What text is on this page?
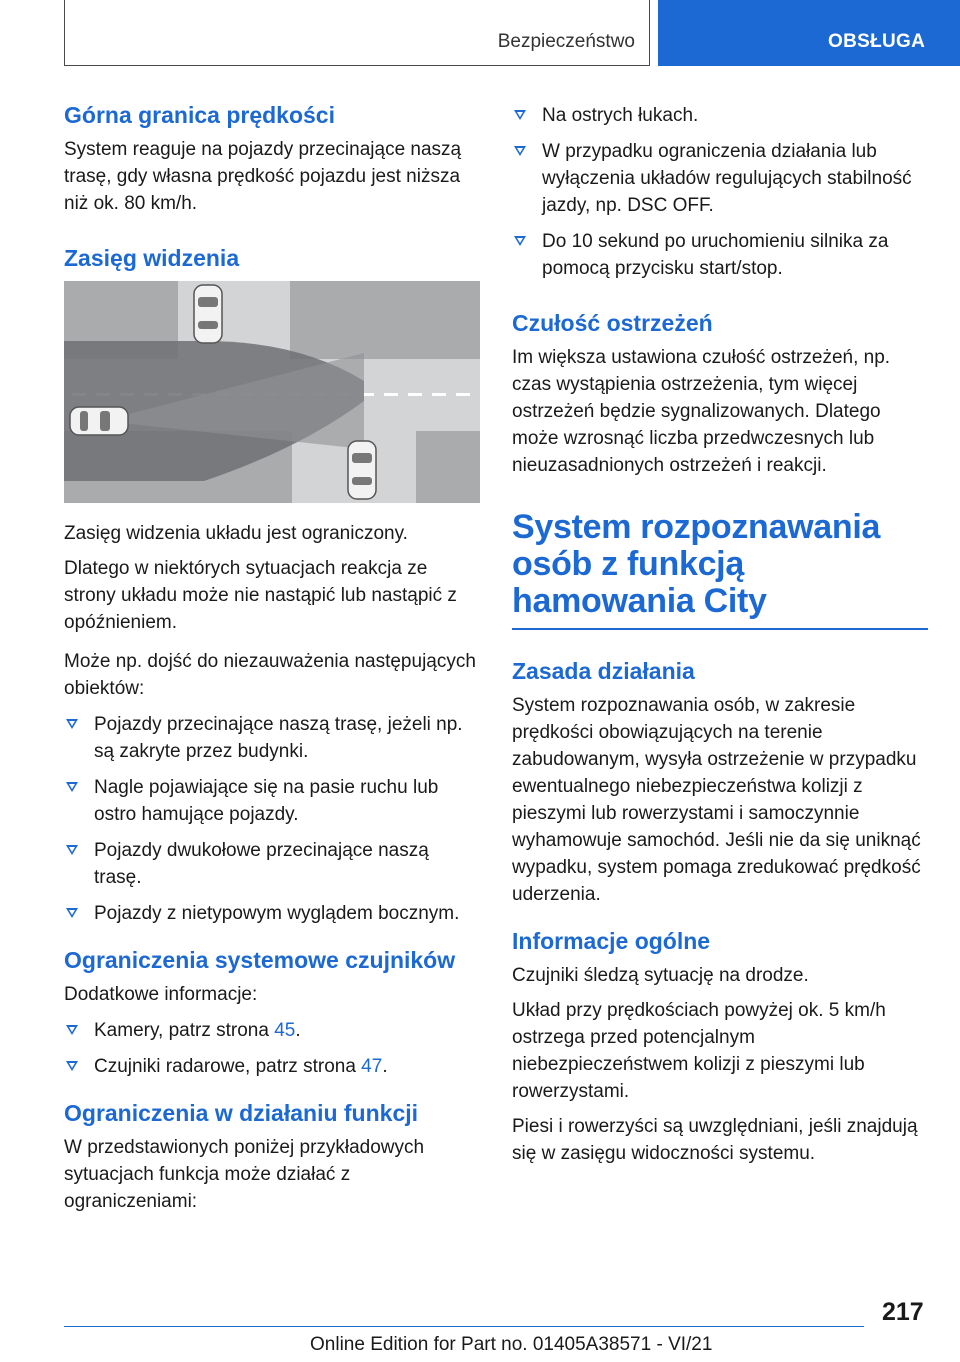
Bezpieczeństwo	OBSŁUGA
Górna granica prędkości
System reaguje na pojazdy przecinające naszą trasę, gdy własna prędkość pojazdu jest niższa niż ok. 80 km/h.
Zasięg widzenia
Zasięg widzenia układu jest ograniczony.
Dlatego w niektórych sytuacjach reakcja ze strony układu może nie nastąpić lub nastąpić z opóźnieniem.
Może np. dojść do niezauważenia następujących obiektów:
Pojazdy przecinające naszą trasę, jeżeli np. są zakryte przez budynki.
Nagle pojawiające się na pasie ruchu lub ostro hamujące pojazdy.
Pojazdy dwukołowe przecinające naszą trasę.
Pojazdy z nietypowym wyglądem bocznym.
Ograniczenia systemowe czujników
Dodatkowe informacje:
Kamery, patrz strona 45.
Czujniki radarowe, patrz strona 47.
Ograniczenia w działaniu funkcji
W przedstawionych poniżej przykładowych sytuacjach funkcja może działać z ograniczeniami:
Na ostrych łukach.
W przypadku ograniczenia działania lub wyłączenia układów regulujących stabilność jazdy, np. DSC OFF.
Do 10 sekund po uruchomieniu silnika za pomocą przycisku start/stop.
Czułość ostrzeżeń
Im większa ustawiona czułość ostrzeżeń, np. czas wystąpienia ostrzeżenia, tym więcej ostrzeżeń będzie sygnalizowanych. Dlatego może wzrosnąć liczba przedwczesnych lub nieuzasadnionych ostrzeżeń i reakcji.
System rozpoznawania osób z funkcją hamowania City
Zasada działania
System rozpoznawania osób, w zakresie prędkości obowiązujących na terenie zabudowanym, wysyła ostrzeżenie w przypadku ewentualnego niebezpieczeństwa kolizji z pieszymi lub rowerzystami i samoczynnie wyhamowuje samochód. Jeśli nie da się uniknąć wypadku, system pomaga zredukować prędkość uderzenia.
Informacje ogólne
Czujniki śledzą sytuację na drodze.
Układ przy prędkościach powyżej ok. 5 km/h ostrzega przed potencjalnym niebezpieczeństwem kolizji z pieszymi lub rowerzystami.
Piesi i rowerzyści są uwzględniani, jeśli znajdują się w zasięgu widoczności systemu.
217
Online Edition for Part no. 01405A38571 - VI/21
